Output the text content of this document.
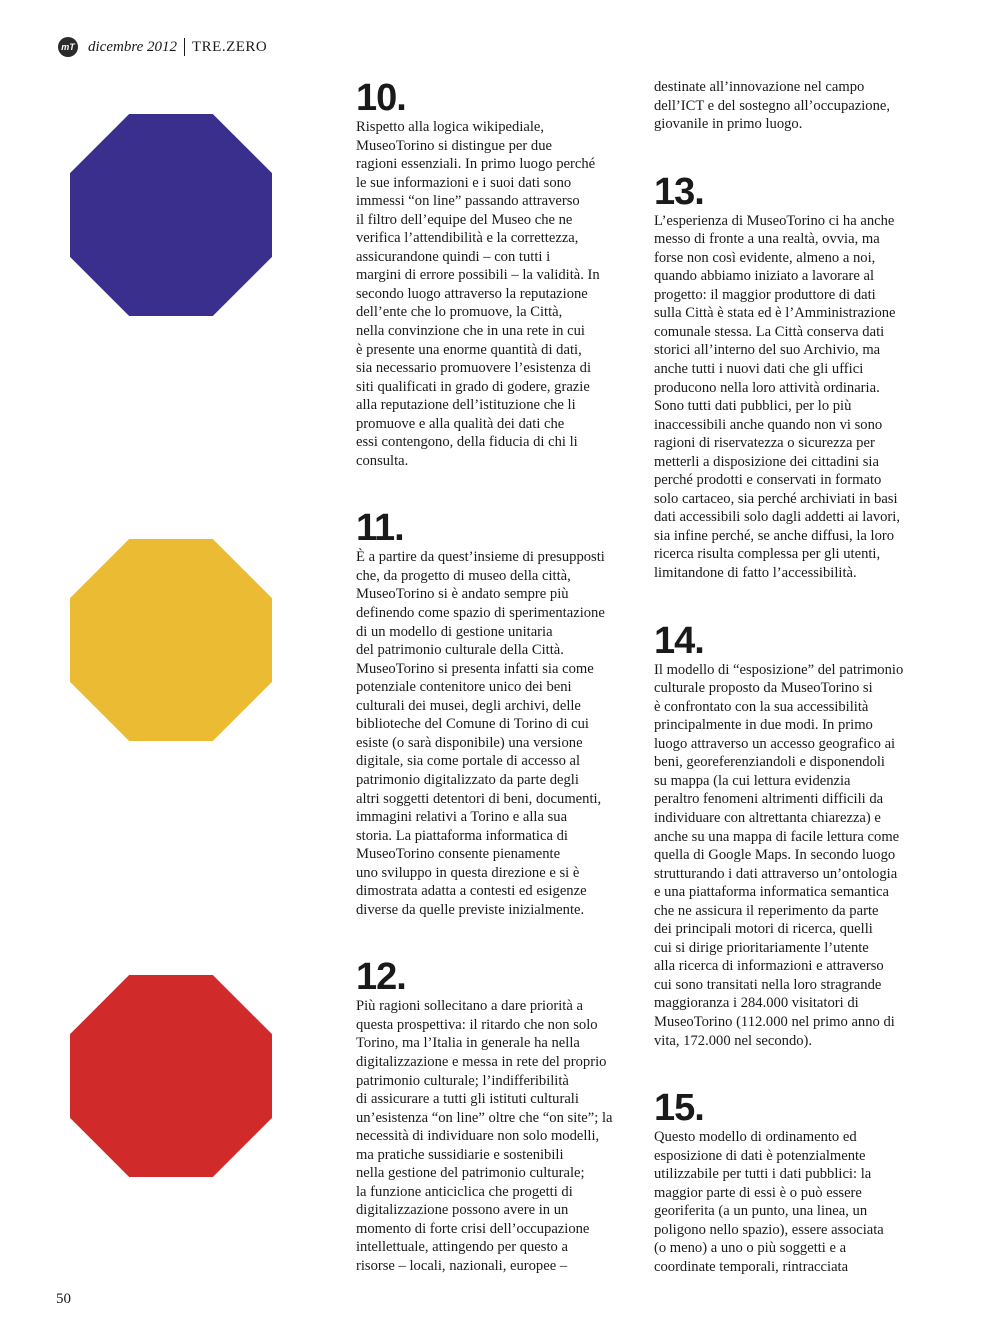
mT dicembre 2012 TRE.ZERO
10.

Rispetto alla logica wikipediale,
MuseoTorino si distingue per due
ragioni essenziali. In primo luogo perché
le sue informazioni e i suoi dati sono
immessi “on line” passando attraverso
il filtro dell’equipe del Museo che ne
verifica l’attendibilità e la correttezza,
assicurandone quindi – con tutti i
margini di errore possibili – la validità. In
secondo luogo attraverso la reputazione
dell’ente che lo promuove, la Città,
nella convinzione che in una rete in cui
è presente una enorme quantità di dati,
sia necessario promuovere l’esistenza di
siti qualificati in grado di godere, grazie
alla reputazione dell’istituzione che li
promuove e alla qualità dei dati che
essi contengono, della fiducia di chi li
consulta.

11.

È a partire da quest’insieme di presupposti
che, da progetto di museo della città,
MuseoTorino si è andato sempre più
definendo come spazio di sperimentazione
di un modello di gestione unitaria
del patrimonio culturale della Città.
MuseoTorino si presenta infatti sia come
potenziale contenitore unico dei beni
culturali dei musei, degli archivi, delle
biblioteche del Comune di Torino di cui
esiste (o sarà disponibile) una versione
digitale, sia come portale di accesso al
patrimonio digitalizzato da parte degli
altri soggetti detentori di beni, documenti,
immagini relativi a Torino e alla sua
storia. La piattaforma informatica di
MuseoTorino consente pienamente
uno sviluppo in questa direzione e si è
dimostrata adatta a contesti ed esigenze
diverse da quelle previste inizialmente.

12.

Più ragioni sollecitano a dare priorità a
questa prospettiva: il ritardo che non solo
Torino, ma l’Italia in generale ha nella
digitalizzazione e messa in rete del proprio
patrimonio culturale; l’indifferibilità
di assicurare a tutti gli istituti culturali
un’esistenza “on line” oltre che “on site”; la
necessità di individuare non solo modelli,
ma pratiche sussidiarie e sostenibili
nella gestione del patrimonio culturale;
la funzione anticiclica che progetti di
digitalizzazione possono avere in un
momento di forte crisi dell’occupazione
intellettuale, attingendo per questo a
risorse – locali, nazionali, europee –

destinate all’innovazione nel campo
dell’ICT e del sostegno all’occupazione,
giovanile in primo luogo.

13.

L’esperienza di MuseoTorino ci ha anche
messo di fronte a una realtà, ovvia, ma
forse non così evidente, almeno a noi,
quando abbiamo iniziato a lavorare al
progetto: il maggior produttore di dati
sulla Città è stata ed è l’Amministrazione
comunale stessa. La Città conserva dati
storici all’interno del suo Archivio, ma
anche tutti i nuovi dati che gli uffici
producono nella loro attività ordinaria.
Sono tutti dati pubblici, per lo più
inaccessibili anche quando non vi sono
ragioni di riservatezza o sicurezza per
metterli a disposizione dei cittadini sia
perché prodotti e conservati in formato
solo cartaceo, sia perché archiviati in basi
dati accessibili solo dagli addetti ai lavori,
sia infine perché, se anche diffusi, la loro
ricerca risulta complessa per gli utenti,
limitandone di fatto l’accessibilità.

14.

Il modello di “esposizione” del patrimonio
culturale proposto da MuseoTorino si
è confrontato con la sua accessibilità
principalmente in due modi. In primo
luogo attraverso un accesso geografico ai
beni, georeferenziandoli e disponendoli
su mappa (la cui lettura evidenzia
peraltro fenomeni altrimenti difficili da
individuare con altrettanta chiarezza) e
anche su una mappa di facile lettura come
quella di Google Maps. In secondo luogo
strutturando i dati attraverso un’ontologia
e una piattaforma informatica semantica
che ne assicura il reperimento da parte
dei principali motori di ricerca, quelli
cui si dirige prioritariamente l’utente
alla ricerca di informazioni e attraverso
cui sono transitati nella loro stragrande
maggioranza i 284.000 visitatori di
MuseoTorino (112.000 nel primo anno di
vita, 172.000 nel secondo).

15.

Questo modello di ordinamento ed
esposizione di dati è potenzialmente
utilizzabile per tutti i dati pubblici: la
maggior parte di essi è o può essere
georiferita (a un punto, una linea, un
poligono nello spazio), essere associata
(o meno) a uno o più soggetti e a
coordinate temporali, rintracciata

50
